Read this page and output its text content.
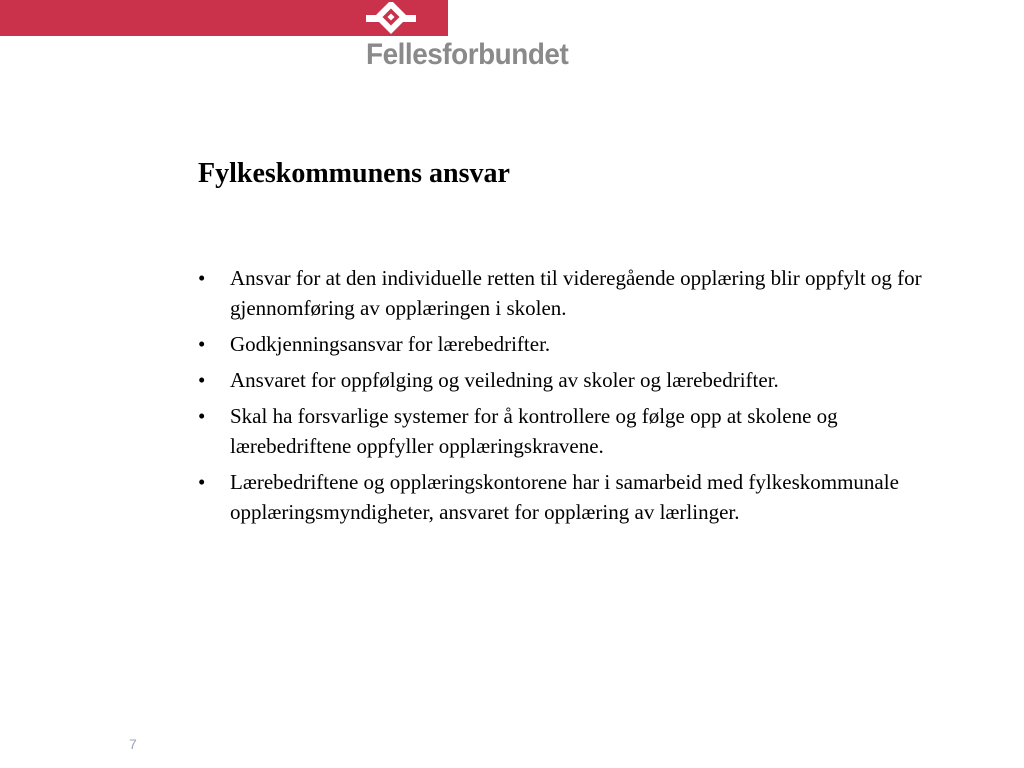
Fellesforbundet
Fylkeskommunens ansvar
• Ansvar for at den individuelle retten til videregående opplæring blir oppfylt og for gjennomføring av opplæringen i skolen.
• Godkjenningsansvar for lærebedrifter.
• Ansvaret for oppfølging og veiledning av skoler og lærebedrifter.
• Skal ha forsvarlige systemer for å kontrollere og følge opp at skolene og lærebedriftene oppfyller opplæringskravene.
• Lærebedriftene og opplæringskontorene har i samarbeid med fylkeskommunale opplæringsmyndigheter, ansvaret for opplæring av lærlinger.
7
